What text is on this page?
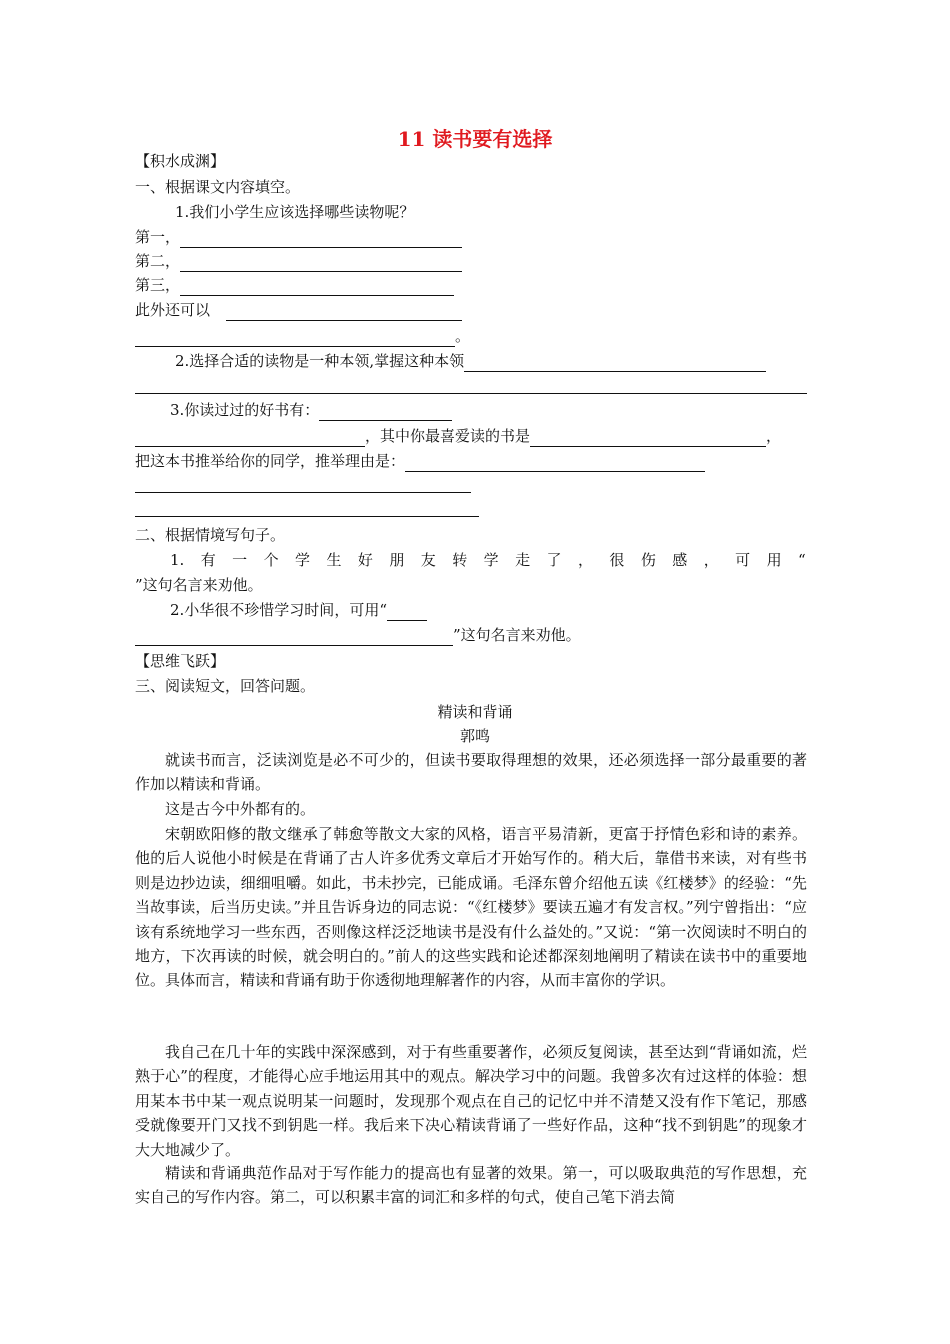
11 读书要有选择
【积水成渊】
一、根据课文内容填空。
1.我们小学生应该选择哪些读物呢？
第一，
第二，
第三，
此外还可以
。
2.选择合适的读物是一种本领,掌握这种本领
3.你读过过的好书有：
，其中你最喜爱读的书是	，
把这本书推举给你的同学，推举理由是：
二、根据情境写句子。
1. 有 一 个 学 生 好 朋 友 转 学 走 了 ， 很 伤 感 ， 可 用 “
”这句名言来劝他。
2.小华很不珍惜学习时间，可用“
”这句名言来劝他。
【思维飞跃】
三、阅读短文，回答问题。
精读和背诵
郭鸣
就读书而言，泛读浏览是必不可少的，但读书要取得理想的效果，还必须选择一部分最重要的著作加以精读和背诵。
这是古今中外都有的。
宋朝欧阳修的散文继承了韩愈等散文大家的风格，语言平易清新，更富于抒情色彩和诗的素养。他的后人说他小时候是在背诵了古人许多优秀文章后才开始写作的。稍大后，靠借书来读，对有些书则是边抄边读，细细咀嚼。如此，书未抄完，已能成诵。毛泽东曾介绍他五读《红楼梦》的经验：“先当故事读，后当历史读。”并且告诉身边的同志说：“《红楼梦》要读五遍才有发言权。”列宁曾指出：“应该有系统地学习一些东西，否则像这样泛泛地读书是没有什么益处的。”又说：“第一次阅读时不明白的地方，下次再读的时候，就会明白的。”前人的这些实践和论述都深刻地阐明了精读在读书中的重要地位。具体而言，精读和背诵有助于你透彻地理解著作的内容，从而丰富你的学识。
我自己在几十年的实践中深深感到，对于有些重要著作，必须反复阅读，甚至达到“背诵如流，烂熟于心”的程度，才能得心应手地运用其中的观点。解决学习中的问题。我曾多次有过这样的体验：想用某本书中某一观点说明某一问题时，发现那个观点在自己的记忆中并不清楚又没有作下笔记，那感受就像要开门又找不到钥匙一样。我后来下决心精读背诵了一些好作品，这种“找不到钥匙”的现象才大大地减少了。
精读和背诵典范作品对于写作能力的提高也有显著的效果。第一，可以吸取典范的写作思想，充实自己的写作内容。第二，可以积累丰富的词汇和多样的句式，使自己笔下消去简
